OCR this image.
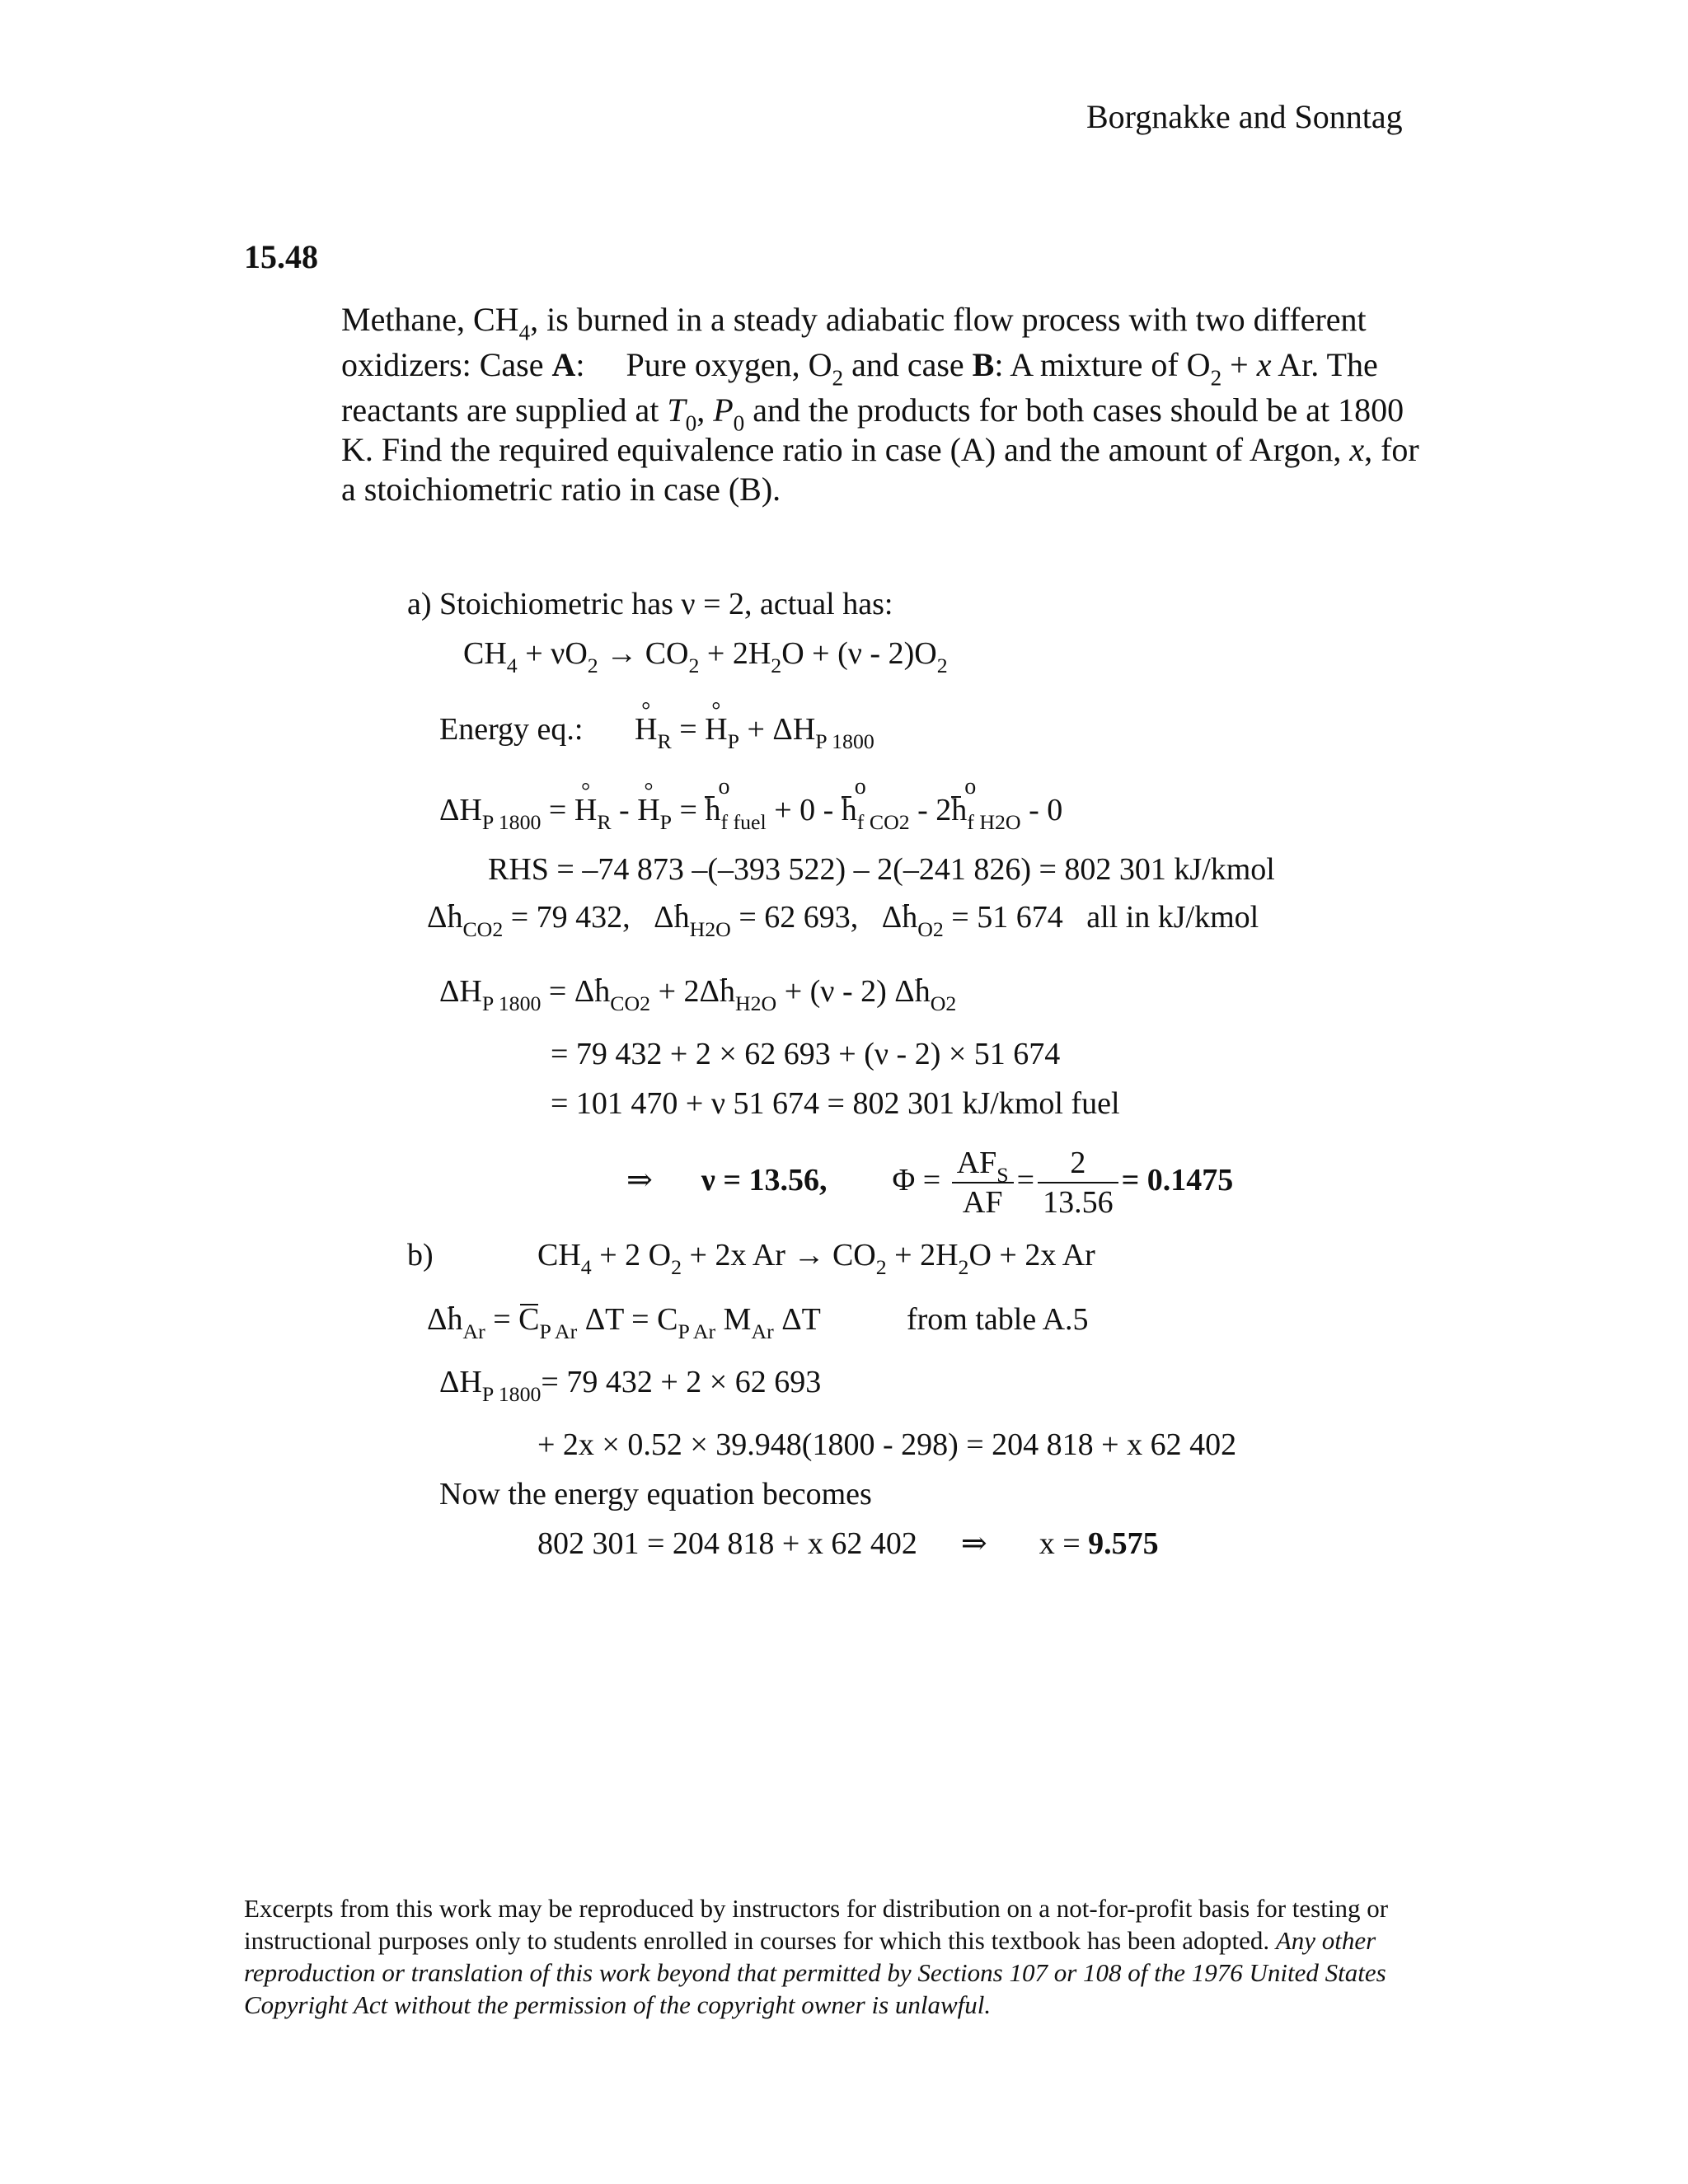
Borgnakke and Sonntag
15.48
Methane, $CH_4$, is burned in a steady adiabatic flow process with two different
oxidizers: Case A:     Pure oxygen, $O_2$ and case B: A mixture of $O_2 + x$ Ar. The
reactants are supplied at $T_0$, $P_0$ and the products for both cases should be at 1800
K. Find the required equivalence ratio in case (A) and the amount of Argon, x, for
a stoichiometric ratio in case (B).
a) Stoichiometric has ν = 2, actual has:
$CH_4 + \nu O_2 \to CO_2 + 2H_2O + (\nu - 2)O_2$
Energy eq.:
° $H_R$ = ° $H_P + \Delta H_{P 1800}$
$\Delta H_{P 1800}$ = ° $H_R$ - ° $H_P = o$ $h_{f fuel} + 0 - o$ $h_{f CO2} - 2o$ $h_{f H2O} - 0$
RHS = –74 873 –(–393 522) – 2(–241 826) = 802 301 kJ/kmol
$\Delta h_{CO2} = 79$ 432,   $\Delta h_{H2O} = 62$ 693,   $\Delta h_{O2} = 51$ 674   all in kJ/kmol
$\Delta H_{P 1800} = \Delta h_{CO2} + 2\Delta h_{H2O} + (\nu - 2)$ $\Delta h_{O2}$
= 79 432 + 2 × 62 693 + (ν - 2) × 51 674
= 101 470 + ν 51 674 = 802 301 kJ/kmol fuel
⇒ ν = 13.56, $\Phi = \frac{AF_S}{AF} = \frac{2}{13.56} = 0.1475$
b)	$CH_4 + 2$ $O_2 + 2x$ $Ar \to CO_2 + 2H_2O + 2x$ Ar
$\Delta h_{Ar} = C_{P Ar}$ $\Delta T = C_{P Ar}$ $M_{Ar}$ ΔT	from table A.5
$\Delta H_{P 1800}= 79$ 432 + 2 × 62 693
+ 2x × 0.52 × 39.948(1800 - 298) = 204 818 + x 62 402
Now the energy equation becomes
802 301 = 204 818 + x 62 402 ⇒ x = 9.575
Excerpts from this work may be reproduced by instructors for distribution on a not-for-profit basis for testing or instructional purposes only to students enrolled in courses for which this textbook has been adopted. Any other reproduction or translation of this work beyond that permitted by Sections 107 or 108 of the 1976 United States Copyright Act without the permission of the copyright owner is unlawful.
